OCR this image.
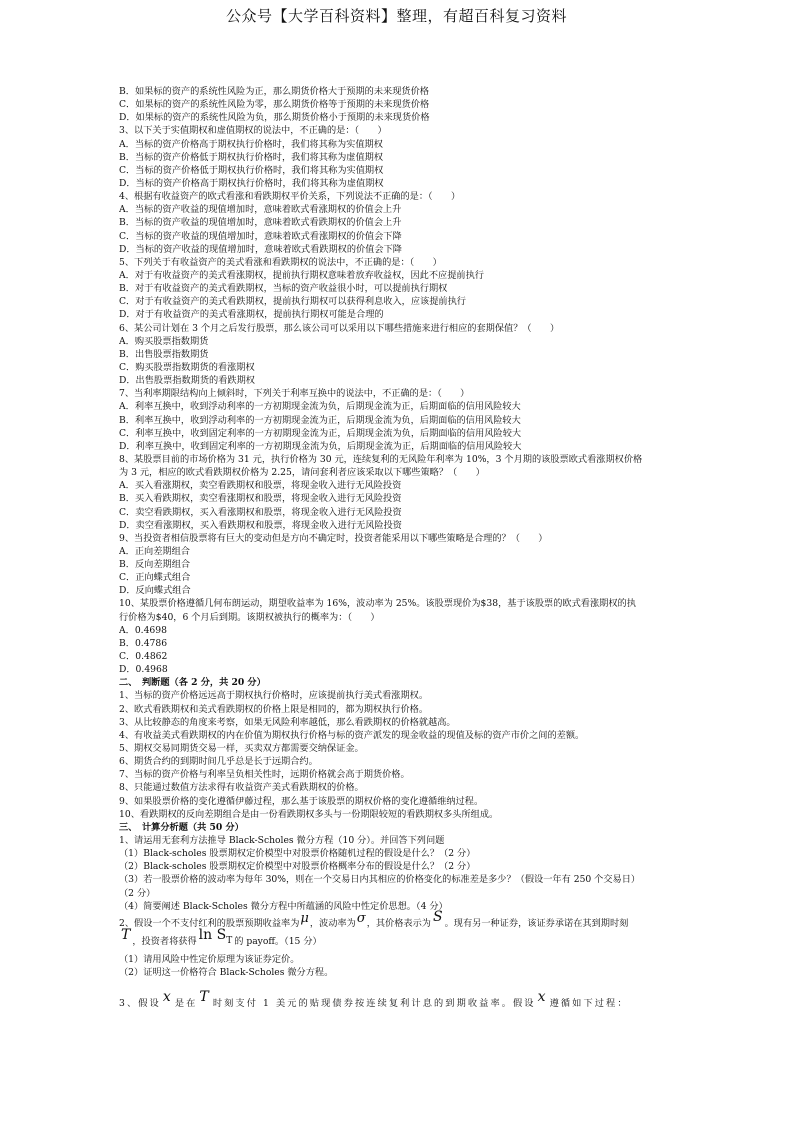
公众号【大学百科资料】整理，有超百科复习资料
B．如果标的资产的系统性风险为正，那么期货价格大于预期的未来现货价格
C．如果标的资产的系统性风险为零，那么期货价格等于预期的未来现货价格
D．如果标的资产的系统性风险为负，那么期货价格小于预期的未来现货价格
3、以下关于实值期权和虚值期权的说法中，不正确的是：（　　）
A．当标的资产价格高于期权执行价格时，我们将其称为实值期权
B．当标的资产价格低于期权执行价格时，我们将其称为虚值期权
C．当标的资产价格低于期权执行价格时，我们将其称为实值期权
D．当标的资产价格高于期权执行价格时，我们将其称为虚值期权
4、根据有收益资产的欧式看涨和看跌期权平价关系，下列说法不正确的是：（　　）
A．当标的资产收益的现值增加时，意味着欧式看涨期权的价值会上升
B．当标的资产收益的现值增加时，意味着欧式看跌期权的价值会上升
C．当标的资产收益的现值增加时，意味着欧式看涨期权的价值会下降
D．当标的资产收益的现值增加时，意味着欧式看跌期权的价值会下降
5、下列关于有收益资产的美式看涨和看跌期权的说法中，不正确的是：（　　）
A．对于有收益资产的美式看涨期权，提前执行期权意味着放弃收益权，因此不应提前执行
B．对于有收益资产的美式看跌期权，当标的资产收益很小时，可以提前执行期权
C．对于有收益资产的美式看跌期权，提前执行期权可以获得利息收入，应该提前执行
D．对于有收益资产的美式看涨期权，提前执行期权可能是合理的
6、某公司计划在 3 个月之后发行股票，那么该公司可以采用以下哪些措施来进行相应的套期保值？（　　）
A．购买股票指数期货
B．出售股票指数期货
C．购买股票指数期货的看涨期权
D．出售股票指数期货的看跌期权
7、当利率期限结构向上倾斜时，下列关于利率互换中的说法中，不正确的是：（　　）
A．利率互换中，收到浮动利率的一方初期现金流为负，后期现金流为正，后期面临的信用风险较大
B．利率互换中，收到浮动利率的一方初期现金流为正，后期现金流为负，后期面临的信用风险较大
C．利率互换中，收到固定利率的一方初期现金流为正，后期现金流为负，后期面临的信用风险较大
D．利率互换中，收到固定利率的一方初期现金流为负，后期现金流为正，后期面临的信用风险较大
8、某股票目前的市场价格为 31 元，执行价格为 30 元，连续复利的无风险年利率为 10%，3 个月期的该股票欧式看涨期权价格
为 3 元，相应的欧式看跌期权价格为 2.25，请问套利者应该采取以下哪些策略？（　　）
A．买入看涨期权，卖空看跌期权和股票，将现金收入进行无风险投资
B．买入看跌期权，卖空看涨期权和股票，将现金收入进行无风险投资
C．卖空看跌期权，买入看涨期权和股票，将现金收入进行无风险投资
D．卖空看涨期权，买入看跌期权和股票，将现金收入进行无风险投资
9、当投资者相信股票将有巨大的变动但是方向不确定时，投资者能采用以下哪些策略是合理的？（　　）
A．正向差期组合
B．反向差期组合
C．正向蝶式组合
D．反向蝶式组合
10、某股票价格遵循几何布朗运动，期望收益率为 16%，波动率为 25%。该股票现价为$38，基于该股票的欧式看涨期权的执
行价格为$40，6 个月后到期。该期权被执行的概率为：（　　）
A．0.4698
B．0.4786
C．0.4862
D．0.4968
二、　判断题（各 2 分，共 20 分）
1、当标的资产价格远远高于期权执行价格时，应该提前执行美式看涨期权。
2、欧式看跌期权和美式看跌期权的价格上限是相同的，都为期权执行价格。
3、从比较静态的角度来考察，如果无风险利率越低，那么看跌期权的价格就越高。
4、有收益美式看跌期权的内在价值为期权执行价格与标的资产派发的现金收益的现值及标的资产市价之间的差额。
5、期权交易同期货交易一样，买卖双方都需要交纳保证金。
6、期货合约的到期时间几乎总是长于远期合约。
7、当标的资产价格与利率呈负相关性时，远期价格就会高于期货价格。
8、只能通过数值方法求得有收益资产美式看跌期权的价格。
9、如果股票价格的变化遵循伊藤过程，那么基于该股票的期权价格的变化遵循维纳过程。
10、看跌期权的反向差期组合是由一份看跌期权多头与一份期限较短的看跌期权多头所组成。
三、　计算分析题（共 50 分）
1、请运用无套利方法推导 Black-Scholes 微分方程（10 分）。并回答下列问题
（1）Black-scholes 股票期权定价模型中对股票价格随机过程的假设是什么？（2 分）
（2）Black-scholes 股票期权定价模型中对股票价格概率分布的假设是什么？（2 分）
（3）若一股票价格的波动率为每年 30%，则在一个交易日内其相应的价格变化的标准差是多少？（假设一年有 250 个交易日）
（2 分）
（4）简要阐述 Black-Scholes 微分方程中所蕴涵的风险中性定价思想。（4 分）
2、假设一个不支付红利的股票预期收益率为μ，波动率为σ，其价格表示为 S 。现有另一种证券，该证券承诺在其到期时刻
T ，投资者将获得 $\ln S_T$ 的 payoff。（15 分）
（1）请用风险中性定价原理为该证券定价。
（2）证明这一价格符合 Black-Scholes 微分方程。
3、假设 x 是在 T 时刻支付 1 美元的贴现债券按连续复利计息的到期收益率。假设 x 遵循如下过程：
